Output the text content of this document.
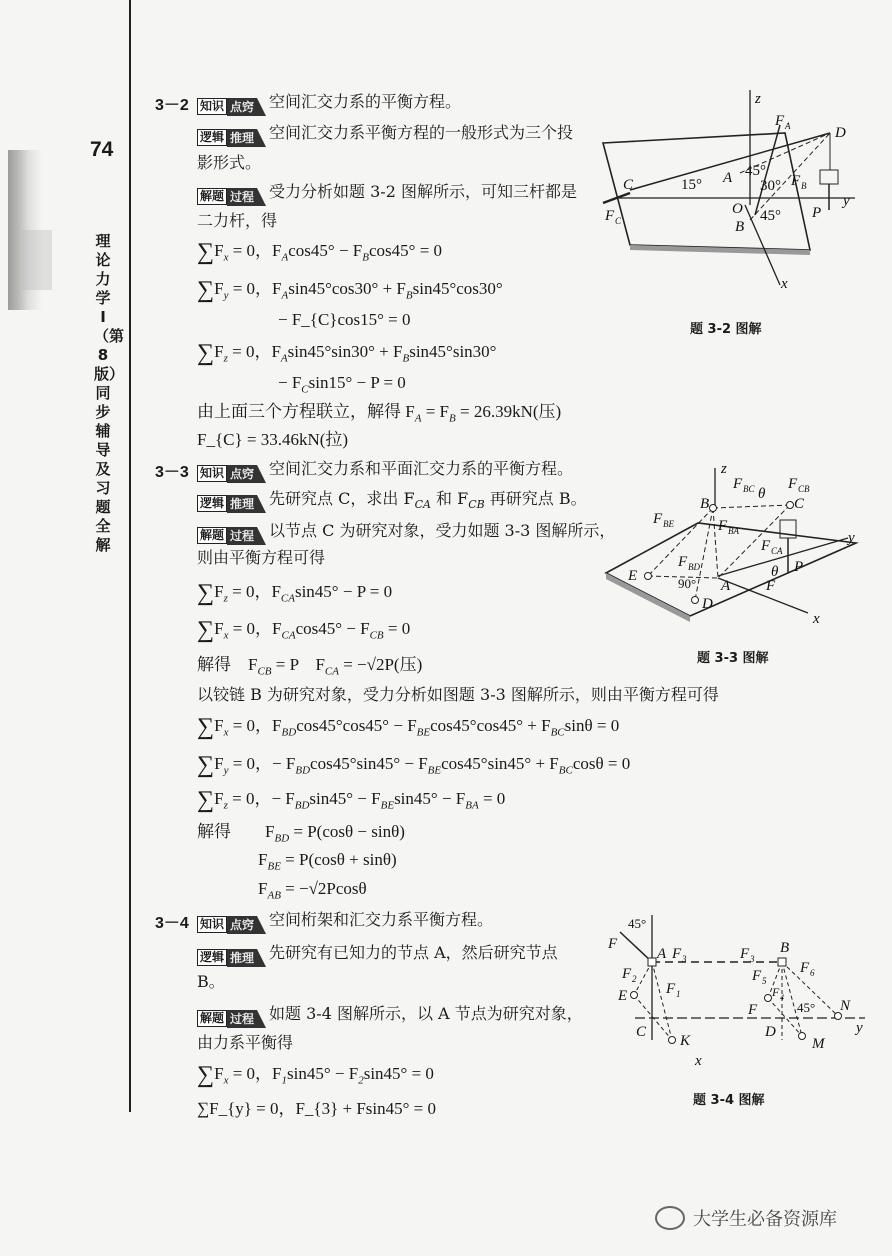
74
理论力学Ⅰ（第8版）同步辅导及习题全解
3－2 知识 点窍 空间汇交力系的平衡方程。
逻辑 推理 空间汇交力系平衡方程的一般形式为三个投
影形式。
解题 过程 受力分析如题 3-2 图解所示，可知三杆都是
二力杆，得
$\sum F_x = 0$，$F_A\cos 45^\circ - F_B\cos 45^\circ = 0$
$\sum F_y = 0$，$F_A\sin 45^\circ\cos 30^\circ + F_B\sin 45^\circ\cos 30^\circ$
− F_{C}cos15° = 0
$\sum F_z = 0$，$F_A\sin 45^\circ\sin 30^\circ + F_B\sin 45^\circ\sin 30^\circ$
− $F_C\sin 15^\circ - P = 0$
由上面三个方程联立，解得 $F_A = F_B = 26.39kN$(压)
F_{C} = 33.46kN(拉)
z
F A	D
C	A
15°
45°
30° F B
O 45°
B
P
y
F C
x
题 3-2 图解
3－3 知识 点窍 空间汇交力系和平面汇交力系的平衡方程。
逻辑 推理 先研究点 C，求出 $F_{CA}$ 和 $F_{CB}$ 再研究点 B。
解题 过程 以节点 C 为研究对象，受力如题 3-3 图解所示，
则由平衡方程可得
$\sum F_z = 0$，$F_{CA}\sin 45^\circ - P = 0$
$\sum F_x = 0$，$F_{CA}\cos 45^\circ - F_{CB} = 0$
解得　$F_{CB} = P$　$F_{CA} = -√2P$(压)
以铰链 B 为研究对象，受力分析如图题 3-3 图解所示，则由平衡方程可得
$\sum F_x = 0$，$F_{BD}\cos 45^\circ\cos 45^\circ - F_{BE}\cos 45^\circ\cos 45^\circ + F_{BC}\sin\theta = 0$
$\sum F_y = 0$，− $F_{BD}\cos 45^\circ\sin 45^\circ - F_{BE}\cos 45^\circ\sin 45^\circ + F_{BC}\cos\theta = 0$
$\sum F_z = 0$，− $F_{BD}\sin 45^\circ - F_{BE}\sin 45^\circ - F_{BA} = 0$
解得　　$F_{BD} = P(\cos\theta - \sin\theta)$
$F_{BE} = P(\cos\theta + \sin\theta)$
$F_{AB} = -√2Pcos\theta$
z
B
F BC θ
F CB
C
F BE	F BA	y
F BD
F CA
E	90° A
θ P
F
D
x
题 3-3 图解
3－4 知识 点窍 空间桁架和汇交力系平衡方程。
逻辑 推理 先研究有已知力的节点 A，然后研究节点
B。
解题 过程 如题 3-4 图解所示，以 A 节点为研究对象，
由力系平衡得
$\sum F_x = 0$，$F_1\sin 45^\circ - F_2\sin 45^\circ = 0$
∑F_{y} = 0，F_{3} + Fsin45° = 0
45°
F
A F 3	F 3
B
F 2
F 1
F 5
F 4
F 6
E
F	45° N
C	D
K	M
y
x
题 3-4 图解
大学生必备资源库
